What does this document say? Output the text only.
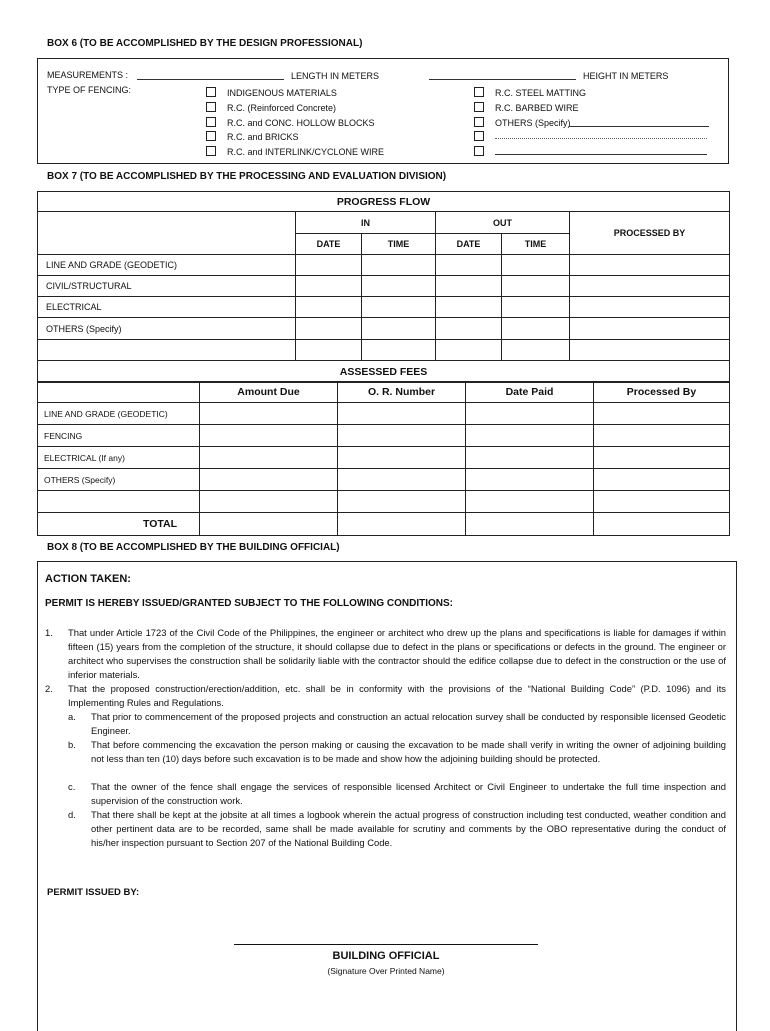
BOX 6 (TO BE ACCOMPLISHED BY THE DESIGN PROFESSIONAL)
MEASUREMENTS :	LENGTH IN METERS	HEIGHT IN METERS
TYPE OF FENCING:	INDIGENOUS MATERIALS
R.C. (Reinforced Concrete)
R.C. and CONC. HOLLOW BLOCKS
R.C. and BRICKS
R.C. and INTERLINK/CYCLONE WIRE
R.C. STEEL MATTING
R.C. BARBED WIRE
OTHERS (Specify)
BOX 7 (TO BE ACCOMPLISHED BY THE PROCESSING AND EVALUATION DIVISION)
PROGRESS FLOW					
	IN		OUT		PROCESSED BY
	DATE	TIME	DATE	TIME	
LINE AND GRADE (GEODETIC)					
CIVIL/STRUCTURAL					
ELECTRICAL					
OTHERS (Specify)					

ASSESSED FEES					
	Amount Due	O. R. Number	Date Paid	Processed By
LINE AND GRADE (GEODETIC)				
FENCING				
ELECTRICAL (If any)				
OTHERS (Specify)				

TOTAL				
BOX 8 (TO BE ACCOMPLISHED BY THE BUILDING OFFICIAL)
ACTION TAKEN:
PERMIT IS HEREBY ISSUED/GRANTED SUBJECT TO THE FOLLOWING CONDITIONS:
1. That under Article 1723 of the Civil Code of the Philippines, the engineer or architect who drew up the plans and specifications is liable for damages if within fifteen (15) years from the completion of the structure, it should collapse due to defect in the plans or specifications or defects in the ground. The engineer or architect who supervises the construction shall be solidarily liable with the contractor should the edifice collapse due to defect in the construction or the use of inferior materials.
2. That the proposed construction/erection/addition, etc. shall be in conformity with the provisions of the “National Building Code” (P.D. 1096) and its Implementing Rules and Regulations.
a. That prior to commencement of the proposed projects and construction an actual relocation survey shall be conducted by responsible licensed Geodetic Engineer.
b. That before commencing the excavation the person making or causing the excavation to be made shall verify in writing the owner of adjoining building not less than ten (10) days before such excavation is to be made and show how the adjoining building should be protected.
c. That the owner of the fence shall engage the services of responsible licensed Architect or Civil Engineer to undertake the full time inspection and supervision of the construction work.
d. That there shall be kept at the jobsite at all times a logbook wherein the actual progress of construction including test conducted, weather condition and other pertinent data are to be recorded, same shall be made available for scrutiny and comments by the OBO representative during the conduct of his/her inspection pursuant to Section 207 of the National Building Code.
PERMIT ISSUED BY:
BUILDING OFFICIAL
(Signature Over Printed Name)
